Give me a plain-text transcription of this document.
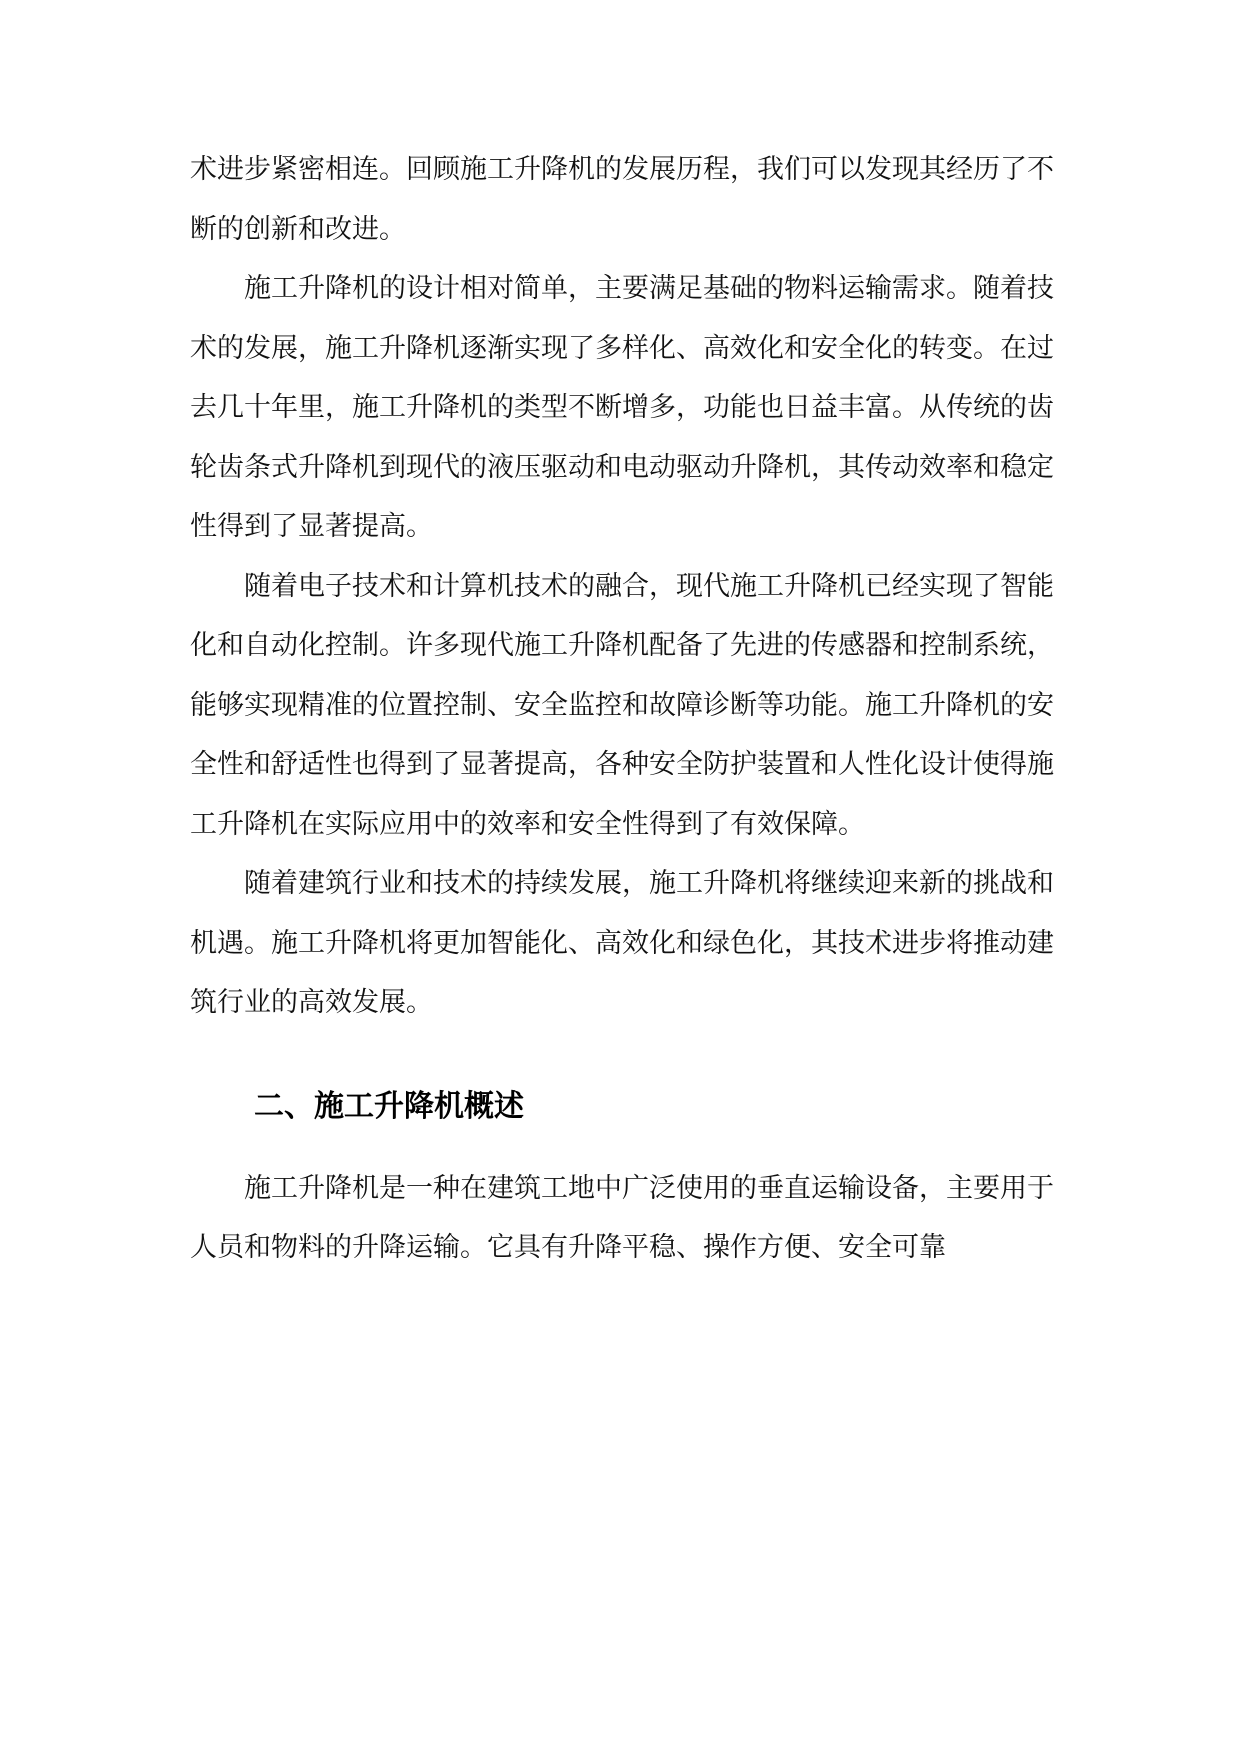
术进步紧密相连。回顾施工升降机的发展历程，我们可以发现其经历了不断的创新和改进。

施工升降机的设计相对简单，主要满足基础的物料运输需求。随着技术的发展，施工升降机逐渐实现了多样化、高效化和安全化的转变。在过去几十年里，施工升降机的类型不断增多，功能也日益丰富。从传统的齿轮齿条式升降机到现代的液压驱动和电动驱动升降机，其传动效率和稳定性得到了显著提高。

随着电子技术和计算机技术的融合，现代施工升降机已经实现了智能化和自动化控制。许多现代施工升降机配备了先进的传感器和控制系统，能够实现精准的位置控制、安全监控和故障诊断等功能。施工升降机的安全性和舒适性也得到了显著提高，各种安全防护装置和人性化设计使得施工升降机在实际应用中的效率和安全性得到了有效保障。

随着建筑行业和技术的持续发展，施工升降机将继续迎来新的挑战和机遇。施工升降机将更加智能化、高效化和绿色化，其技术进步将推动建筑行业的高效发展。

二、施工升降机概述

施工升降机是一种在建筑工地中广泛使用的垂直运输设备，主要用于人员和物料的升降运输。它具有升降平稳、操作方便、安全可靠
